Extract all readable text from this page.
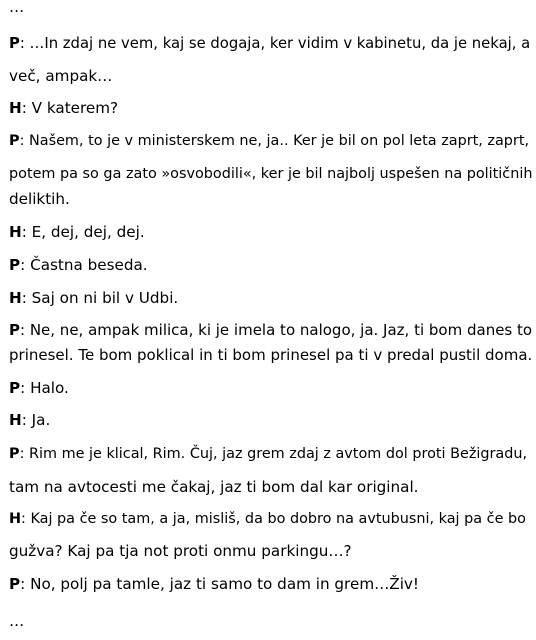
…

P: …In zdaj ne vem, kaj se dogaja, ker vidim v kabinetu, da je nekaj, a

več, ampak…

H: V katerem?

P: Našem, to je v ministerskem ne, ja.. Ker je bil on pol leta zaprt, zaprt,

potem pa so ga zato »osvobodili«, ker je bil najbolj uspešen na političnih

deliktih.

H: E, dej, dej, dej.

P: Častna beseda.

H: Saj on ni bil v Udbi.

P: Ne, ne, ampak milica, ki je imela to nalogo, ja. Jaz, ti bom danes to

prinesel. Te bom poklical in ti bom prinesel pa ti v predal pustil doma.

P: Halo.

H: Ja.

P: Rim me je klical, Rim. Čuj, jaz grem zdaj z avtom dol proti Bežigradu,

tam na avtocesti me čakaj, jaz ti bom dal kar original.

H: Kaj pa če so tam, a ja, misliš, da bo dobro na avtubusni, kaj pa če bo

gužva? Kaj pa tja not proti onmu parkingu…?

P: No, polj pa tamle, jaz ti samo to dam in grem…Živ!

…
